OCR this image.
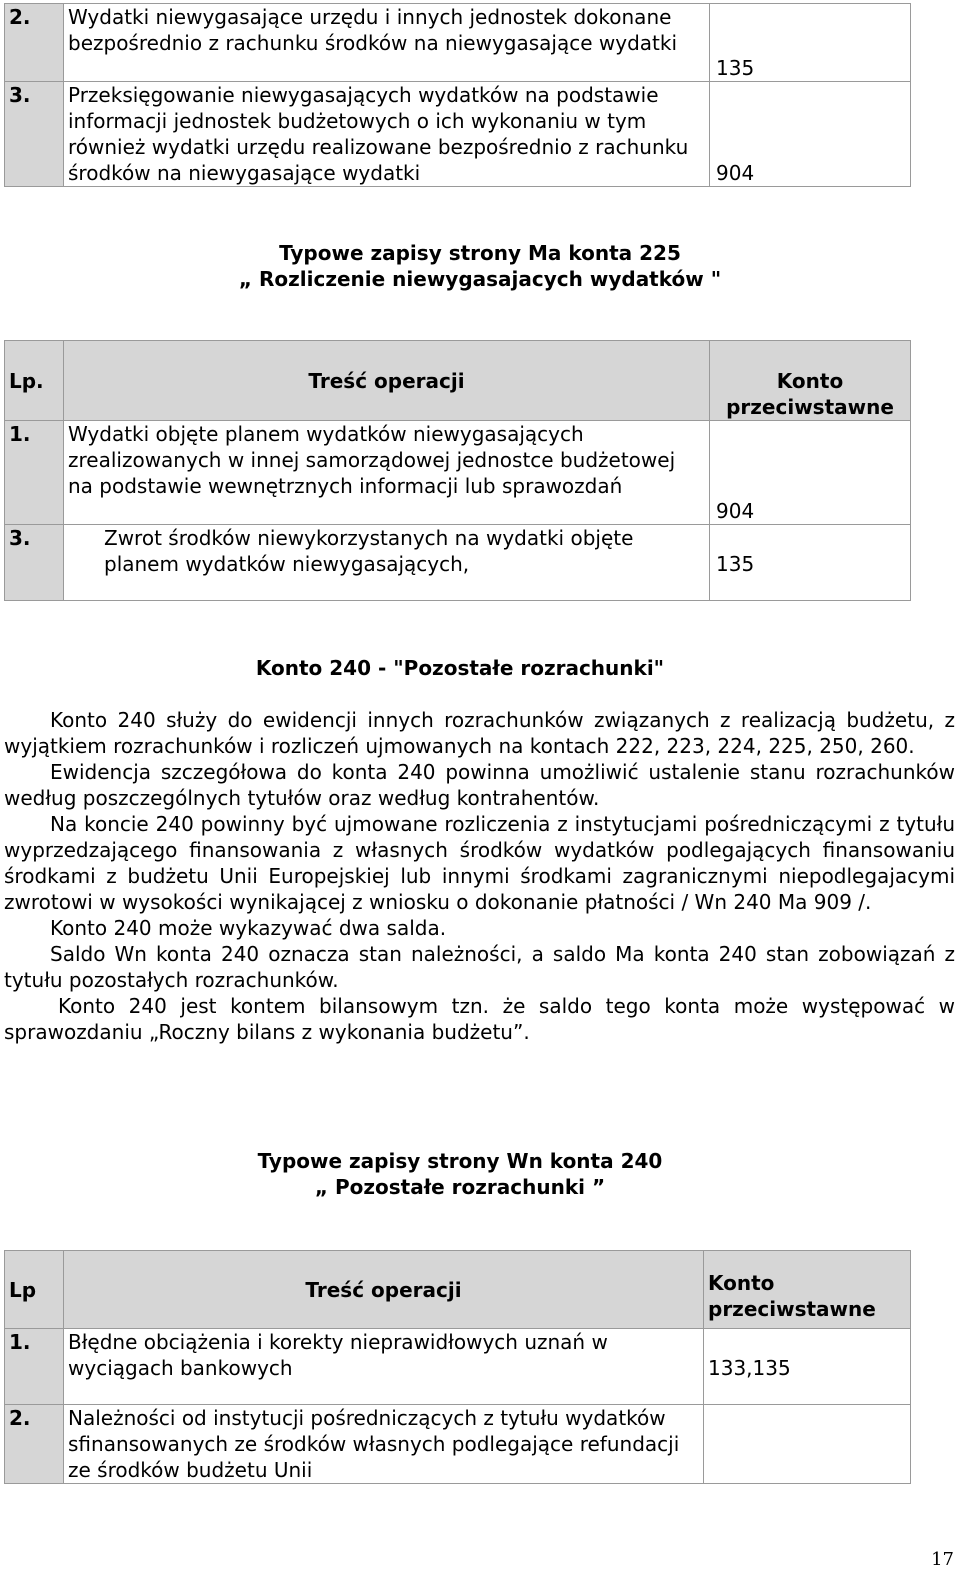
2.	Wydatki niewygasające urzędu i innych jednostek dokonane bezpośrednio z rachunku środków na niewygasające wydatki	135
3.	Przeksięgowanie niewygasających wydatków na podstawie informacji jednostek budżetowych o ich wykonaniu w tym również wydatki urzędu realizowane bezpośrednio z rachunku środków na niewygasające wydatki	904
Typowe zapisy strony Ma konta 225
„ Rozliczenie niewygasajacych wydatków "
Lp.	Treść operacji	Konto przeciwstawne
1.	Wydatki objęte planem wydatków niewygasających zrealizowanych w innej samorządowej jednostce budżetowej na podstawie wewnętrznych informacji lub sprawozdań	904
3.	Zwrot środków niewykorzystanych na wydatki objęte planem wydatków niewygasających,	135
Konto 240 - "Pozostałe rozrachunki"

Konto 240 służy do ewidencji innych rozrachunków związanych z realizacją budżetu, z wyjątkiem rozrachunków i rozliczeń ujmowanych na kontach 222, 223, 224, 225, 250, 260.

Ewidencja szczegółowa do konta 240 powinna umożliwić ustalenie stanu rozrachunków według poszczególnych tytułów oraz według kontrahentów.

Na koncie 240 powinny być ujmowane rozliczenia z instytucjami pośredniczącymi z tytułu wyprzedzającego finansowania z własnych środków wydatków podlegających finansowaniu środkami z budżetu Unii Europejskiej lub innymi środkami zagranicznymi niepodlegajacymi zwrotowi w wysokości wynikającej z wniosku o dokonanie płatności / Wn 240 Ma 909 /.

Konto 240 może wykazywać dwa salda.

Saldo Wn konta 240 oznacza stan należności, a saldo Ma konta 240 stan zobowiązań z tytułu pozostałych rozrachunków.

Konto 240 jest kontem bilansowym tzn. że saldo tego konta może występować w sprawozdaniu „Roczny bilans z wykonania budżetu”.

Typowe zapisy strony Wn konta 240
„ Pozostałe rozrachunki ”
Lp	Treść operacji	Konto przeciwstawne
1.	Błędne obciążenia i korekty nieprawidłowych uznań w wyciągach bankowych	133,135
2.	Należności od instytucji pośredniczących z tytułu wydatków sfinansowanych ze środków własnych podlegające refundacji ze środków budżetu Unii	
17
